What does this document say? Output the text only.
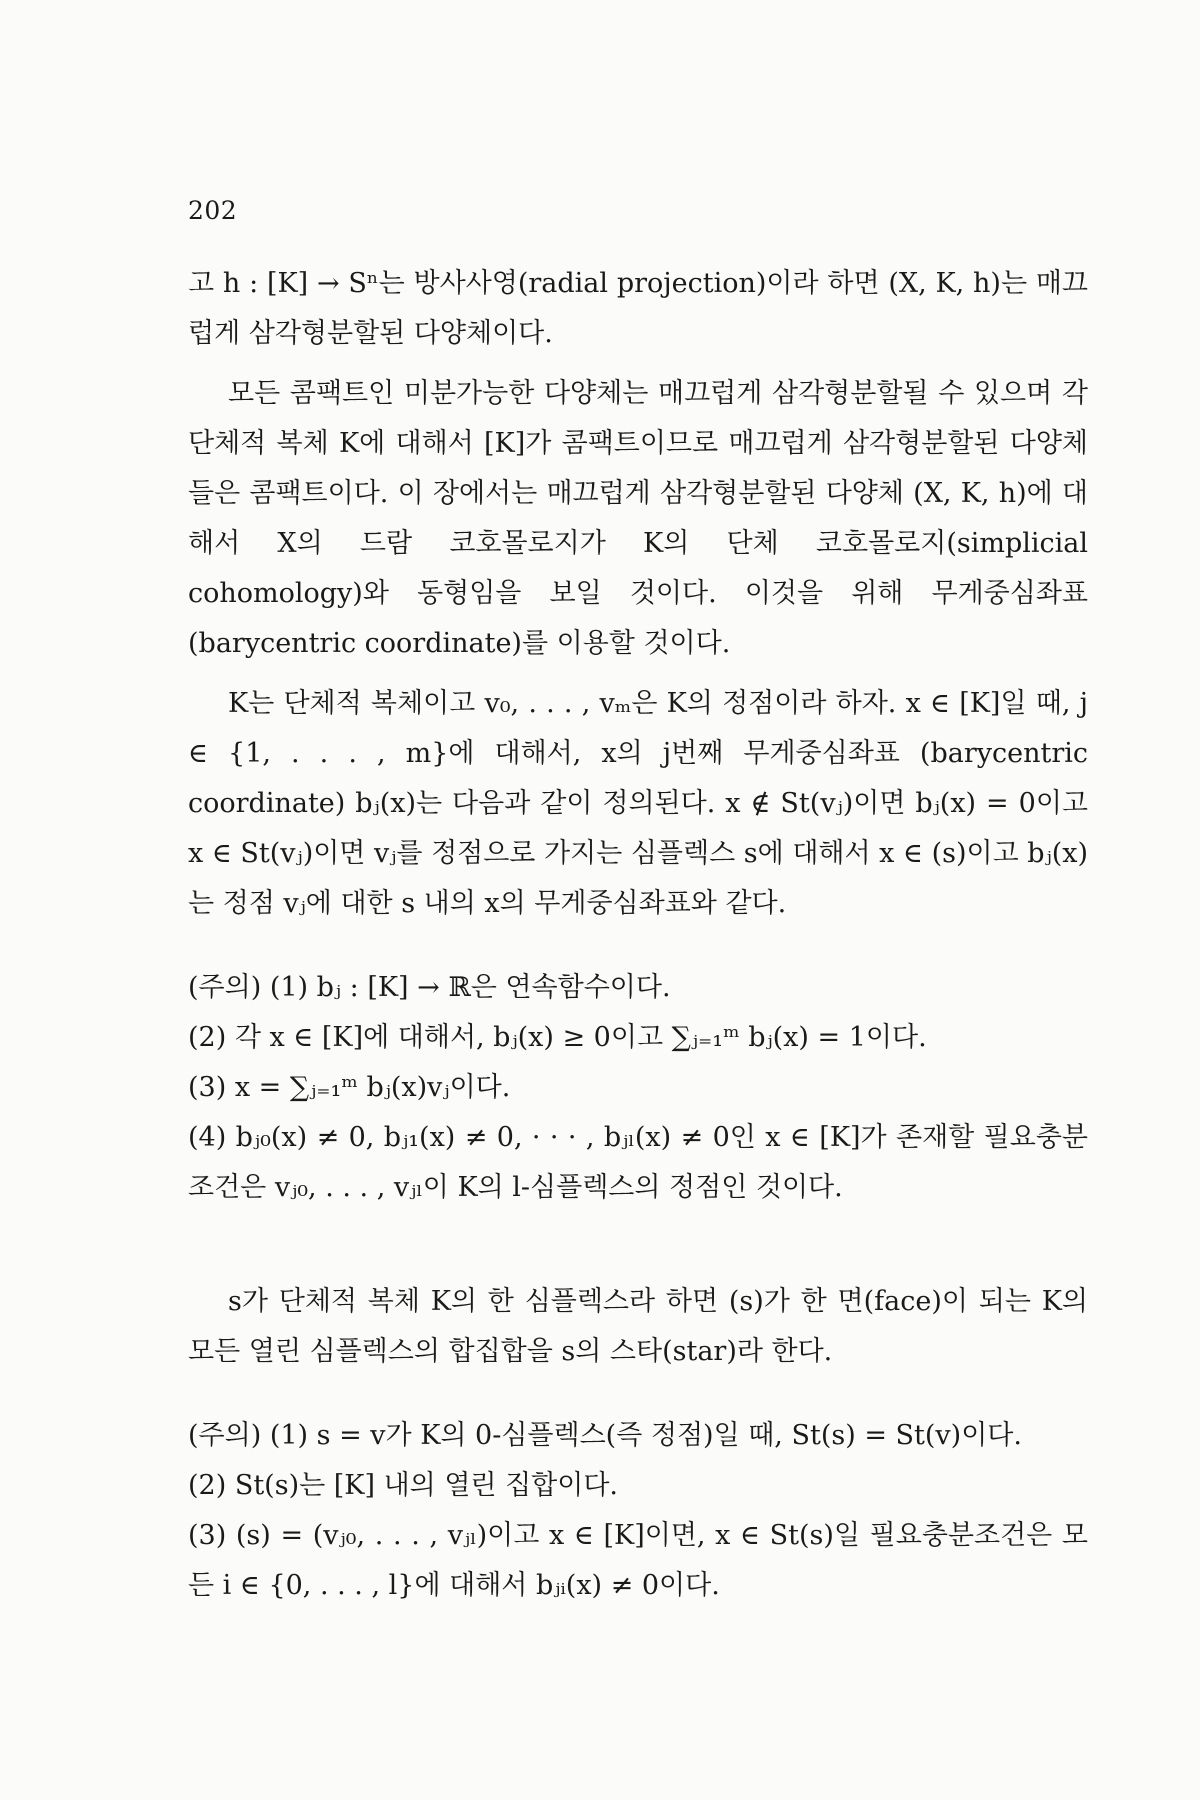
202

고 h : [K] → Sⁿ는 방사사영(radial projection)이라 하면 (X, K, h)는 매끄럽게 삼각형분할된 다양체이다.

모든 콤팩트인 미분가능한 다양체는 매끄럽게 삼각형분할될 수 있으며 각 단체적 복체 K에 대해서 [K]가 콤팩트이므로 매끄럽게 삼각형분할된 다양체들은 콤팩트이다. 이 장에서는 매끄럽게 삼각형분할된 다양체 (X, K, h)에 대해서 X의 드람 코호몰로지가 K의 단체 코호몰로지(simplicial cohomology)와 동형임을 보일 것이다. 이것을 위해 무게중심좌표(barycentric coordinate)를 이용할 것이다.

K는 단체적 복체이고 v₀, . . . , vₘ은 K의 정점이라 하자. x ∈ [K]일 때, j ∈ {1, . . . , m}에 대해서, x의 j번째 무게중심좌표 (barycentric coordinate) bⱼ(x)는 다음과 같이 정의된다. x ∉ St(vⱼ)이면 bⱼ(x) = 0이고 x ∈ St(vⱼ)이면 vⱼ를 정점으로 가지는 심플렉스 s에 대해서 x ∈ (s)이고 bⱼ(x)는 정점 vⱼ에 대한 s 내의 x의 무게중심좌표와 같다.

(주의) (1) bⱼ : [K] → ℝ은 연속함수이다.

(2) 각 x ∈ [K]에 대해서, bⱼ(x) ≥ 0이고 ∑ⱼ₌₁ᵐ bⱼ(x) = 1이다.

(3) x = ∑ⱼ₌₁ᵐ bⱼ(x)vⱼ이다.

(4) bⱼ₀(x) ≠ 0, bⱼ₁(x) ≠ 0, · · · , bⱼₗ(x) ≠ 0인 x ∈ [K]가 존재할 필요충분조건은 vⱼ₀, . . . , vⱼₗ이 K의 l-심플렉스의 정점인 것이다.

s가 단체적 복체 K의 한 심플렉스라 하면 (s)가 한 면(face)이 되는 K의 모든 열린 심플렉스의 합집합을 s의 스타(star)라 한다.

(주의) (1) s = v가 K의 0-심플렉스(즉 정점)일 때, St(s) = St(v)이다.

(2) St(s)는 [K] 내의 열린 집합이다.

(3) (s) = (vⱼ₀, . . . , vⱼₗ)이고 x ∈ [K]이면, x ∈ St(s)일 필요충분조건은 모든 i ∈ {0, . . . , l}에 대해서 bⱼᵢ(x) ≠ 0이다.
